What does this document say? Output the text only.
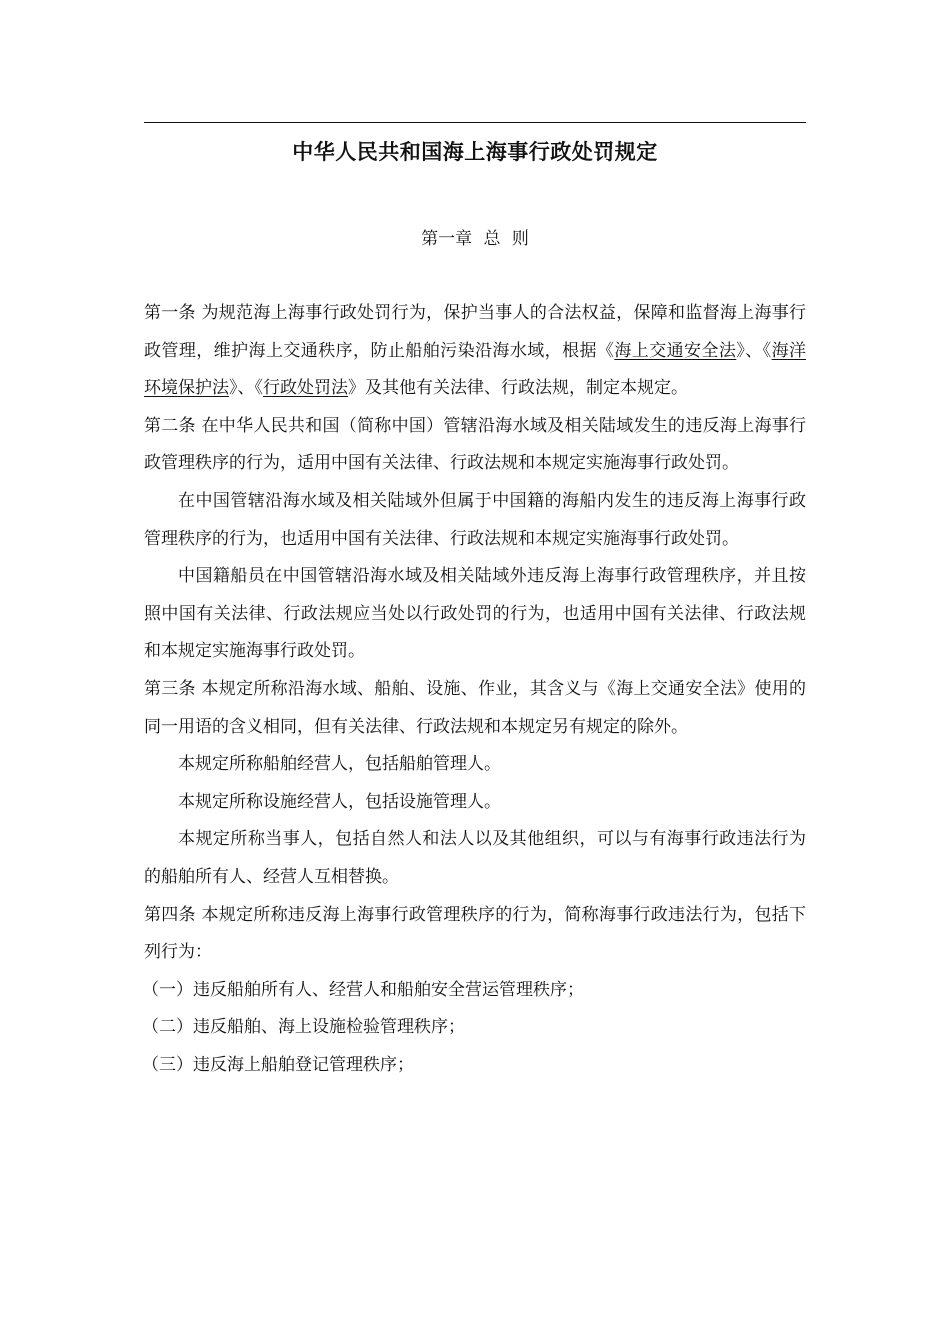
中华人民共和国海上海事行政处罚规定
第一章 总 则

第一条 为规范海上海事行政处罚行为，保护当事人的合法权益，保障和监督海上海事行政管理，维护海上交通秩序，防止船舶污染沿海水域，根据《海上交通安全法》、《海洋环境保护法》、《行政处罚法》及其他有关法律、行政法规，制定本规定。

第二条 在中华人民共和国（简称中国）管辖沿海水域及相关陆域发生的违反海上海事行政管理秩序的行为，适用中国有关法律、行政法规和本规定实施海事行政处罚。

在中国管辖沿海水域及相关陆域外但属于中国籍的海船内发生的违反海上海事行政管理秩序的行为，也适用中国有关法律、行政法规和本规定实施海事行政处罚。

中国籍船员在中国管辖沿海水域及相关陆域外违反海上海事行政管理秩序，并且按照中国有关法律、行政法规应当处以行政处罚的行为，也适用中国有关法律、行政法规和本规定实施海事行政处罚。

第三条 本规定所称沿海水域、船舶、设施、作业，其含义与《海上交通安全法》使用的同一用语的含义相同，但有关法律、行政法规和本规定另有规定的除外。

本规定所称船舶经营人，包括船舶管理人。

本规定所称设施经营人，包括设施管理人。

本规定所称当事人，包括自然人和法人以及其他组织，可以与有海事行政违法行为的船舶所有人、经营人互相替换。

第四条 本规定所称违反海上海事行政管理秩序的行为，简称海事行政违法行为，包括下列行为：

（一）违反船舶所有人、经营人和船舶安全营运管理秩序；

（二）违反船舶、海上设施检验管理秩序；

（三）违反海上船舶登记管理秩序；
